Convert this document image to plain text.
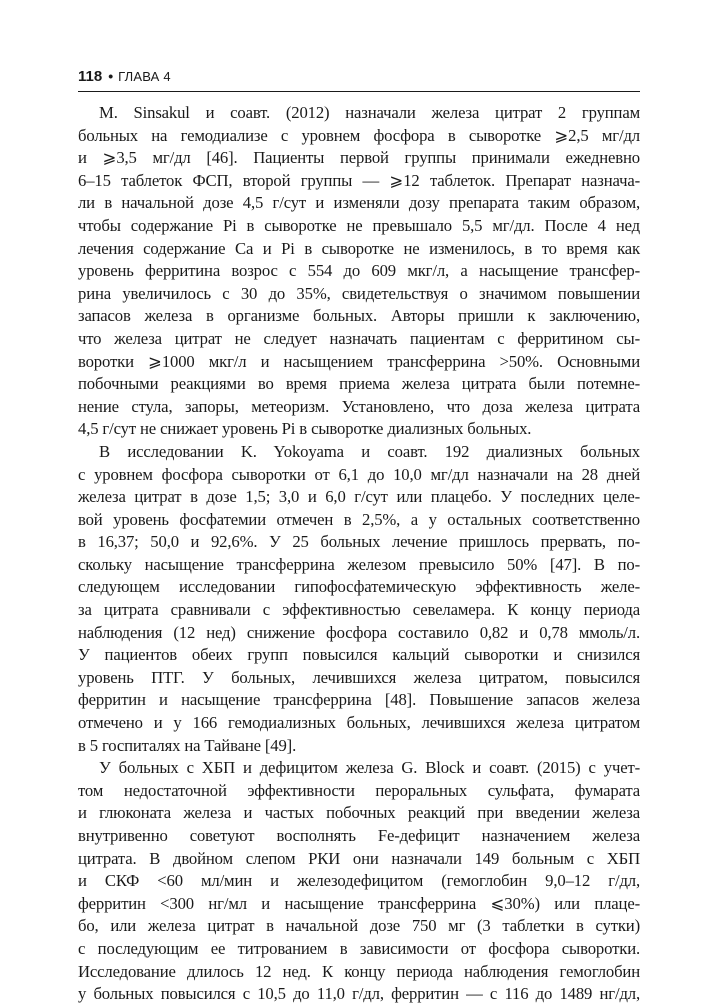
118 • ГЛАВА 4

M. Sinsakul и соавт. (2012) назначали железа цитрат 2 группам
больных на гемодиализе с уровнем фосфора в сыворотке ⩾2,5 мг/дл
и ⩾3,5 мг/дл [46]. Пациенты первой группы принимали ежедневно
6–15 таблеток ФСП, второй группы — ⩾12 таблеток. Препарат назнача-
ли в начальной дозе 4,5 г/сут и изменяли дозу препарата таким образом,
чтобы содержание Pi в сыворотке не превышало 5,5 мг/дл. После 4 нед
лечения содержание Ca и Pi в сыворотке не изменилось, в то время как
уровень ферритина возрос с 554 до 609 мкг/л, а насыщение трансфер-
рина увеличилось с 30 до 35%, свидетельствуя о значимом повышении
запасов железа в организме больных. Авторы пришли к заключению,
что железа цитрат не следует назначать пациентам с ферритином сы-
воротки ⩾1000 мкг/л и насыщением трансферрина >50%. Основными
побочными реакциями во время приема железа цитрата были потемне-
нение стула, запоры, метеоризм. Установлено, что доза железа цитрата
4,5 г/сут не снижает уровень Pi в сыворотке диализных больных.

В исследовании K. Yokoyama и соавт. 192 диализных больных
с уровнем фосфора сыворотки от 6,1 до 10,0 мг/дл назначали на 28 дней
железа цитрат в дозе 1,5; 3,0 и 6,0 г/сут или плацебо. У последних целе-
вой уровень фосфатемии отмечен в 2,5%, а у остальных соответственно
в 16,37; 50,0 и 92,6%. У 25 больных лечение пришлось прервать, по-
скольку насыщение трансферрина железом превысило 50% [47]. В по-
следующем исследовании гипофосфатемическую эффективность желе-
за цитрата сравнивали с эффективностью севеламера. К концу периода
наблюдения (12 нед) снижение фосфора составило 0,82 и 0,78 ммоль/л.
У пациентов обеих групп повысился кальций сыворотки и снизился
уровень ПТГ. У больных, лечившихся железа цитратом, повысился
ферритин и насыщение трансферрина [48]. Повышение запасов железа
отмечено и у 166 гемодиализных больных, лечившихся железа цитратом
в 5 госпиталях на Тайване [49].

У больных с ХБП и дефицитом железа G. Block и соавт. (2015) с учет-
том недостаточной эффективности пероральных сульфата, фумарата
и глюконата железа и частых побочных реакций при введении железа
внутривенно советуют восполнять Fe-дефицит назначением железа
цитрата. В двойном слепом РКИ они назначали 149 больным с ХБП
и СКФ <60 мл/мин и железодефицитом (гемоглобин 9,0–12 г/дл,
ферритин <300 нг/мл и насыщение трансферрина ⩽30%) или плаце-
бо, или железа цитрат в начальной дозе 750 мг (3 таблетки в сутки)
с последующим ее титрованием в зависимости от фосфора сыворотки.
Исследование длилось 12 нед. К концу периода наблюдения гемоглобин
у больных повысился с 10,5 до 11,0 г/дл, ферритин — с 116 до 1489 нг/дл,
